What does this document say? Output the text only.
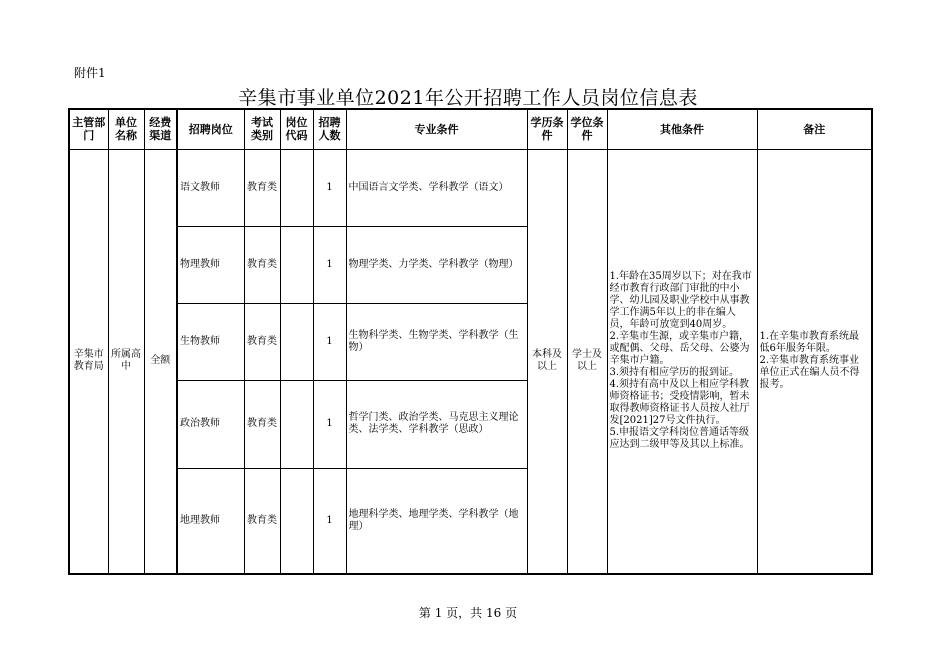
附件1
辛集市事业单位2021年公开招聘工作人员岗位信息表
主管部门	单位名称	经费渠道	招聘岗位	考试类别	岗位代码	招聘人数	专业条件	学历条件	学位条件	其他条件	备注
辛集市教育局	所属高中	全额	语文教师	教育类		1	中国语言文学类、学科教学（语文）	本科及以上	学士及以上	1.年龄在35周岁以下；对在我市经市教育行政部门审批的中小学、幼儿园及职业学校中从事教学工作满5年以上的非在编人员，年龄可放宽到40周岁。
2.辛集市生源，或辛集市户籍，或配偶、父母、岳父母、公婆为辛集市户籍。
3.须持有相应学历的报到证。
4.须持有高中及以上相应学科教师资格证书；受疫情影响，暂未取得教师资格证书人员按人社厅发[2021]27号文件执行。
5.申报语文学科岗位普通话等级应达到二级甲等及其以上标准。	1.在辛集市教育系统最低6年服务年限。
2.辛集市教育系统事业单位正式在编人员不得报考。
			物理教师	教育类		1	物理学类、力学类、学科教学（物理）				
			生物教师	教育类		1	生物科学类、生物学类、学科教学（生物）				
			政治教师	教育类		1	哲学门类、政治学类、马克思主义理论类、法学类、学科教学（思政）				
			地理教师	教育类		1	地理科学类、地理学类、学科教学（地理）				
第 1 页，共 16 页
